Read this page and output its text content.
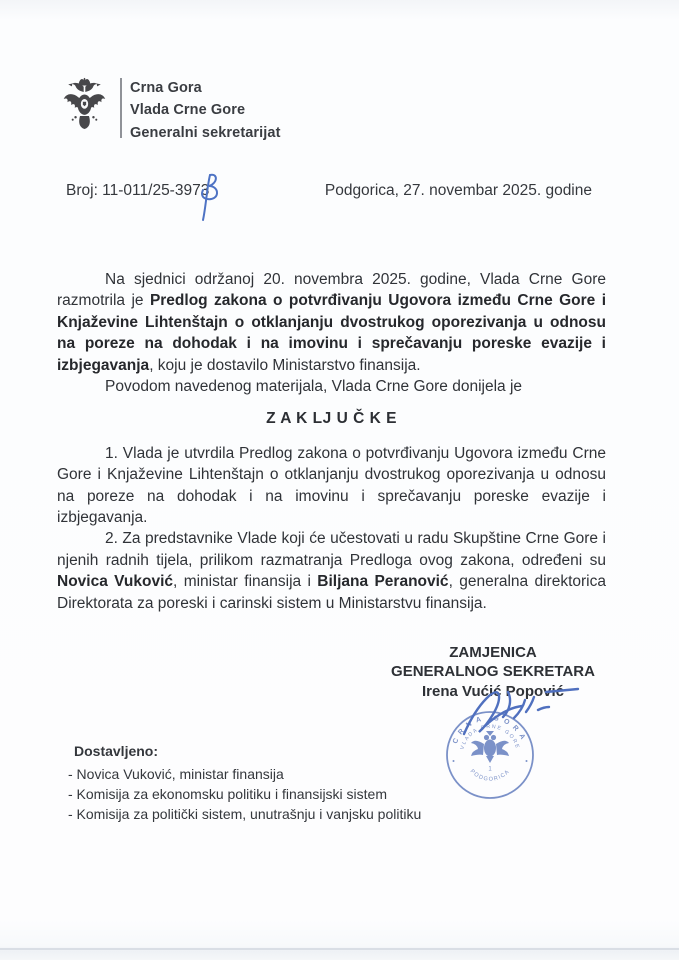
Crna Gora
Vlada Crne Gore
Generalni sekretarijat
Broj: 11-011/25-3973	Podgorica, 27. novembar 2025. godine

Na sjednici održanoj 20. novembra 2025. godine, Vlada Crne Gore razmotrila je Predlog zakona o potvrđivanju Ugovora između Crne Gore i Knjaževine Lihtenštajn o otklanjanju dvostrukog oporezivanja u odnosu na poreze na dohodak i na imovinu i sprečavanju poreske evazije i izbjegavanja, koju je dostavilo Ministarstvo finansija.

Povodom navedenog materijala, Vlada Crne Gore donijela je

Z A K LJ U Č K E

1. Vlada je utvrdila Predlog zakona o potvrđivanju Ugovora između Crne Gore i Knjaževine Lihtenštajn o otklanjanju dvostrukog oporezivanja u odnosu na poreze na dohodak i na imovinu i sprečavanju poreske evazije i izbjegavanja.

2. Za predstavnike Vlade koji će učestovati u radu Skupštine Crne Gore i njenih radnih tijela, prilikom razmatranja Predloga ovog zakona, određeni su Novica Vuković, ministar finansija i Biljana Peranović, generalna direktorica Direktorata za poreski i carinski sistem u Ministarstvu finansija.

ZAMJENICA
GENERALNOG SEKRETARA
Irena Vućić Popović
CRNA GORA
VLADA CRNE GORE
PODGORICA
1
Dostavljeno:
- Novica Vuković, ministar finansija
- Komisija za ekonomsku politiku i finansijski sistem
- Komisija za politički sistem, unutrašnju i vanjsku politiku
